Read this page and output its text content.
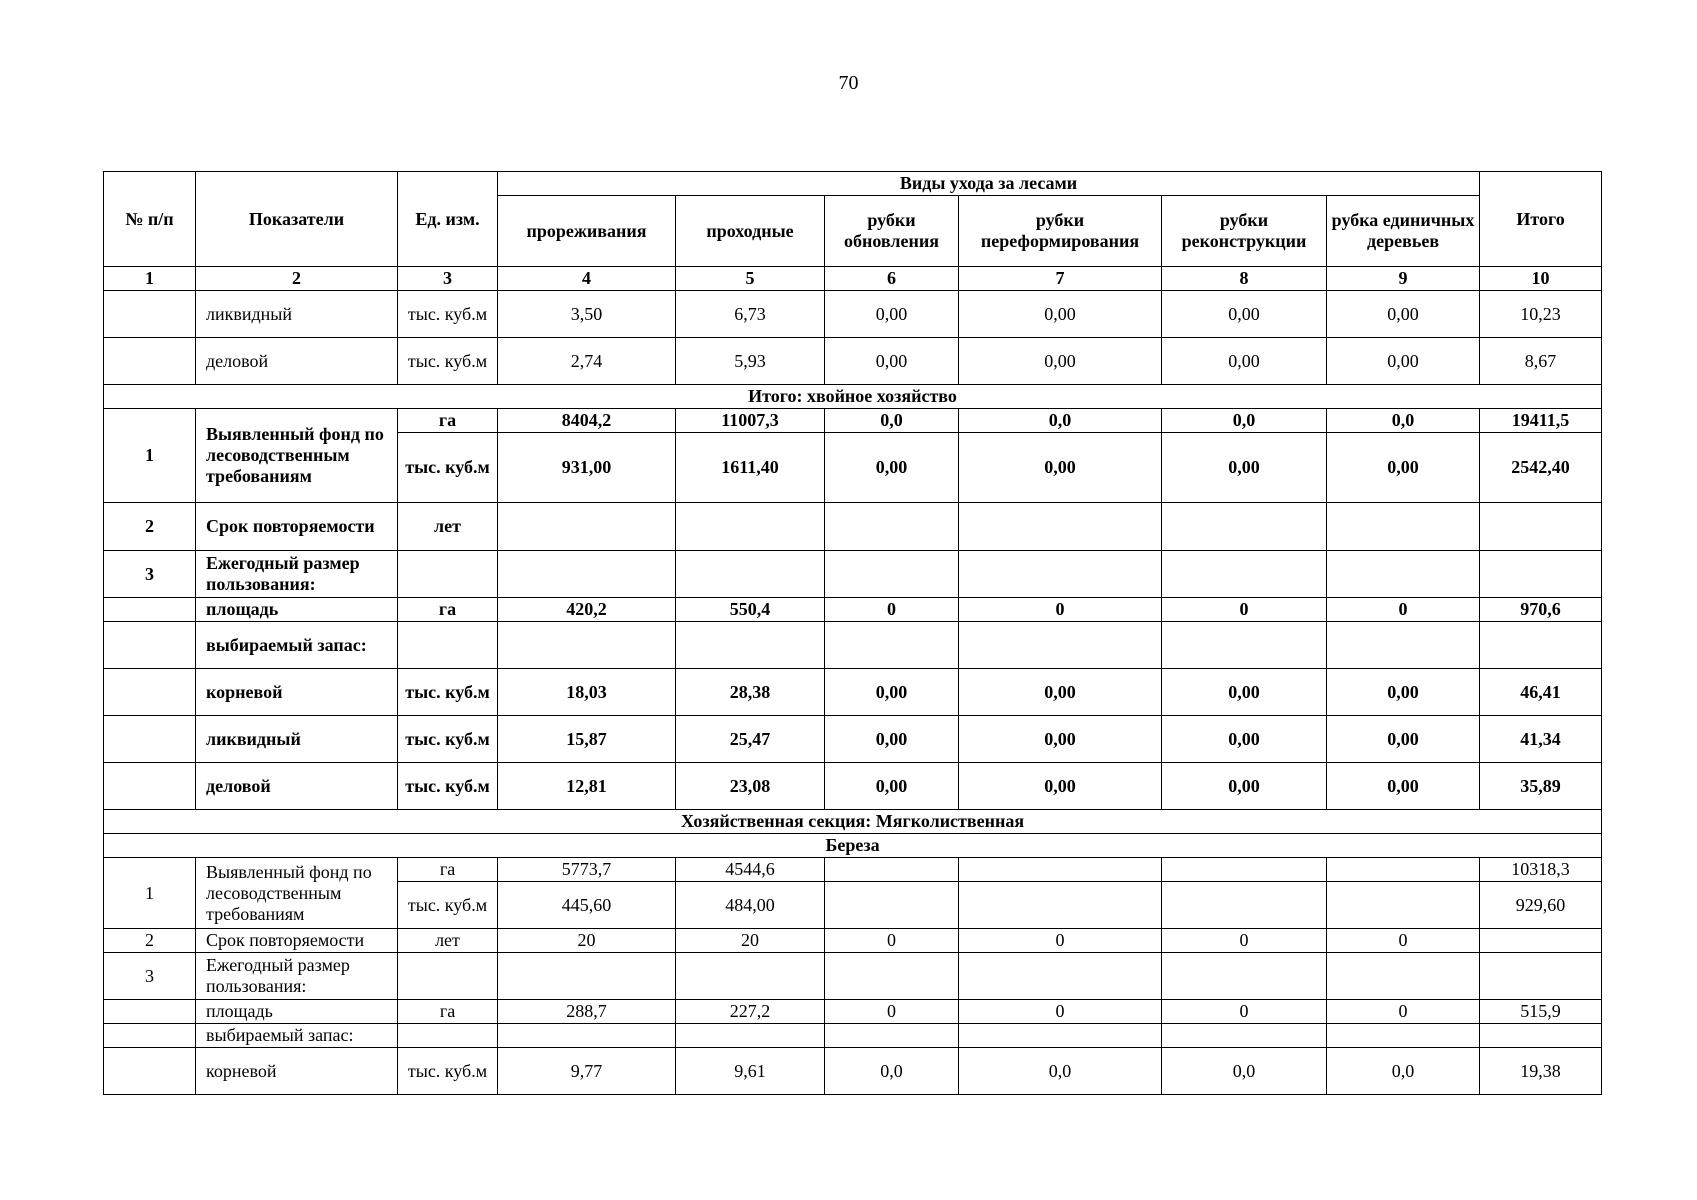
70
№ п/п	Показатели	Ед. изм.	Виды ухода за лесами						Итого
			прореживания	проходные	рубки обновления	рубки переформирования	рубки реконструкции	рубка единичных деревьев	
1	2	3	4	5	6	7	8	9	10
	ликвидный	тыс. куб.м	3,50	6,73	0,00	0,00	0,00	0,00	10,23
	деловой	тыс. куб.м	2,74	5,93	0,00	0,00	0,00	0,00	8,67
Итого: хвойное хозяйство									
1	Выявленный фонд по лесоводственным требованиям	га	8404,2	11007,3	0,0	0,0	0,0	0,0	19411,5
		тыс. куб.м	931,00	1611,40	0,00	0,00	0,00	0,00	2542,40
2	Срок повторяемости	лет							
3	Ежегодный размер пользования:								
	площадь	га	420,2	550,4	0	0	0	0	970,6
	выбираемый запас:								
	корневой	тыс. куб.м	18,03	28,38	0,00	0,00	0,00	0,00	46,41
	ликвидный	тыс. куб.м	15,87	25,47	0,00	0,00	0,00	0,00	41,34
	деловой	тыс. куб.м	12,81	23,08	0,00	0,00	0,00	0,00	35,89
Хозяйственная секция: Мягколиственная									
Береза									
1	Выявленный фонд по лесоводственным требованиям	га	5773,7	4544,6					10318,3
		тыс. куб.м	445,60	484,00					929,60
2	Срок повторяемости	лет	20	20	0	0	0	0	
3	Ежегодный размер пользования:								
	площадь	га	288,7	227,2	0	0	0	0	515,9
	выбираемый запас:								
	корневой	тыс. куб.м	9,77	9,61	0,0	0,0	0,0	0,0	19,38
